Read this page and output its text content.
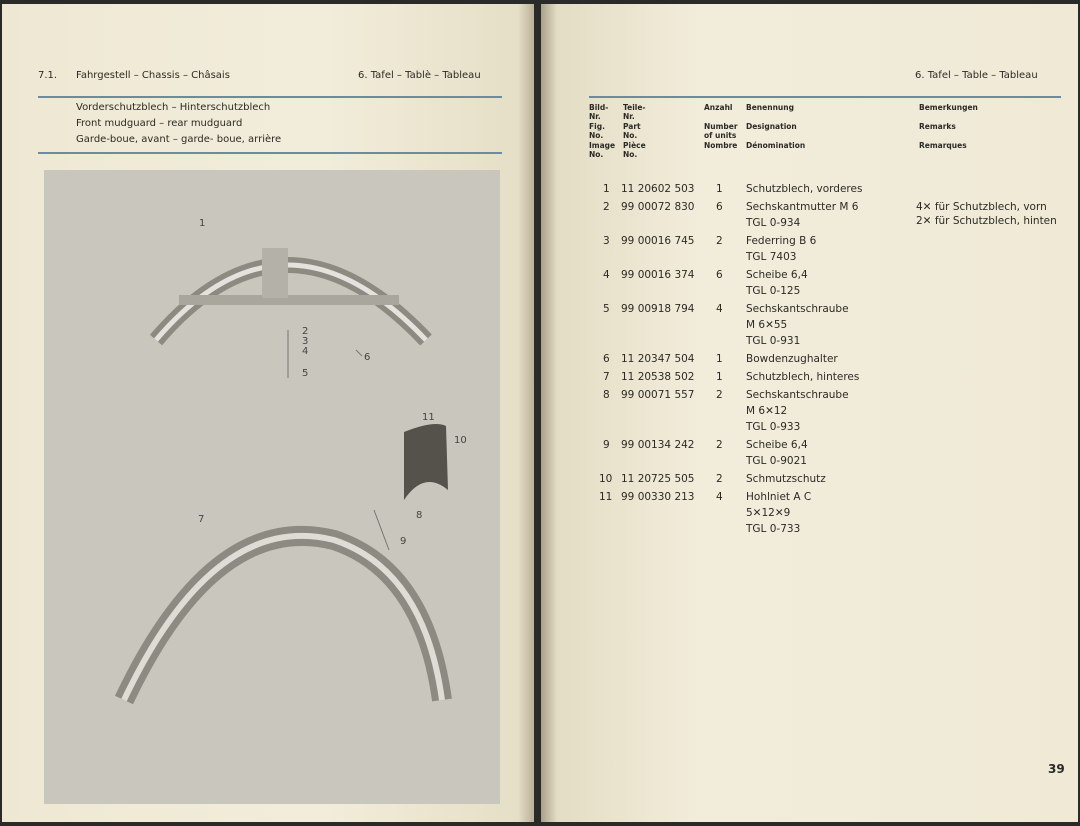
7.1. Fahrgestell – Chassis – Châsais	6. Tafel – Tablè – Tableau
Vorderschutzblech – Hinterschutzblech
Front mudguard – rear mudguard
Garde-boue, avant – garde- boue, arrière
1
2
3
4
5
6
7	8
9
10
11
6. Tafel – Table – Tableau
Bild-
Nr.
Fig.
No.
Image
No.
Teile-
Nr.
Part
No.
Pièce
No.
Anzahl
Number
of units
Nombre
Benennung
Designation
Dénomination
Bemerkungen
Remarks
Remarques
1 11 20602 503 1 Schutzblech, vorderes
2 99 00072 830 6 Sechskantmutter M 6
TGL 0-934
4✕ für Schutzblech, vorn
2✕ für Schutzblech, hinten
3 99 00016 745 2 Federring B 6
TGL 7403
4 99 00016 374 6 Scheibe 6,4
TGL 0-125
5 99 00918 794 4 Sechskantschraube
M 6✕55
TGL 0-931
6 11 20347 504 1 Bowdenzughalter
7 11 20538 502 1 Schutzblech, hinteres
8 99 00071 557 2 Sechskantschraube
M 6✕12
TGL 0-933
9 99 00134 242 2 Scheibe 6,4
TGL 0-9021
10 11 20725 505 2 Schmutzschutz
11 99 00330 213 4 Hohlniet A C
5✕12✕9
TGL 0-733
39
